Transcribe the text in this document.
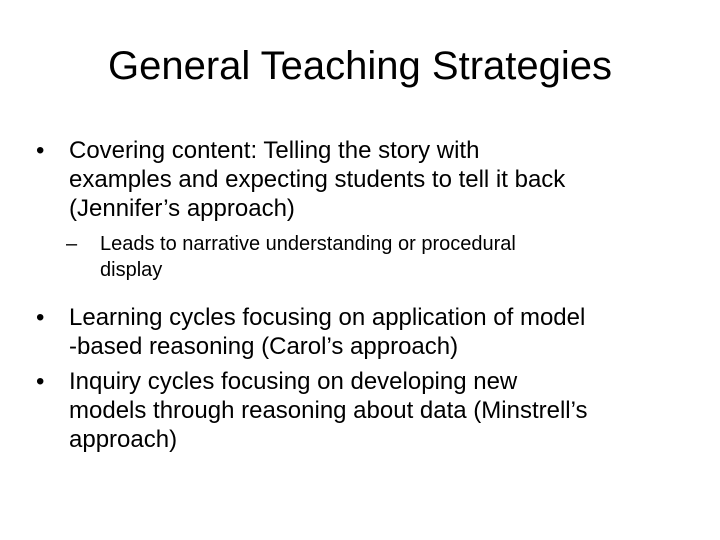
General Teaching Strategies
• Covering content: Telling the story with
examples and expecting students to tell it back
(Jennifer’s approach)
– Leads to narrative understanding or procedural
display
• Learning cycles focusing on application of model
-based reasoning (Carol’s approach)
• Inquiry cycles focusing on developing new
models through reasoning about data (Minstrell’s
approach)
